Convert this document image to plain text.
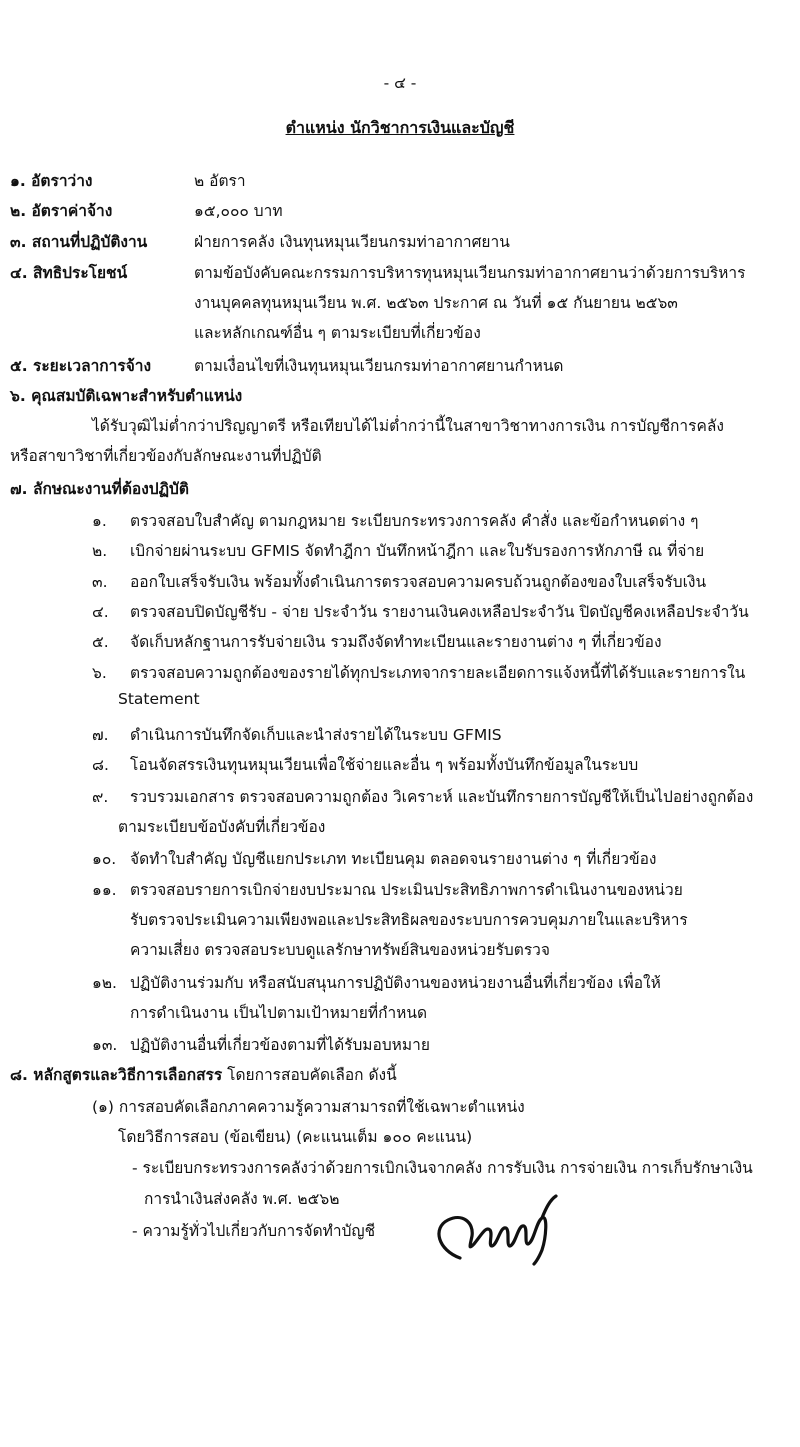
- ๔ -
ตำแหน่ง นักวิชาการเงินและบัญชี
๑. อัตราว่าง	๒ อัตรา
๒. อัตราค่าจ้าง	๑๕,๐๐๐ บาท
๓. สถานที่ปฏิบัติงาน	ฝ่ายการคลัง เงินทุนหมุนเวียนกรมท่าอากาศยาน
๔. สิทธิประโยชน์	ตามข้อบังคับคณะกรรมการบริหารทุนหมุนเวียนกรมท่าอากาศยานว่าด้วยการบริหาร
งานบุคคลทุนหมุนเวียน พ.ศ. ๒๕๖๓ ประกาศ ณ วันที่ ๑๕ กันยายน ๒๕๖๓
และหลักเกณฑ์อื่น ๆ ตามระเบียบที่เกี่ยวข้อง
๕. ระยะเวลาการจ้าง	ตามเงื่อนไขที่เงินทุนหมุนเวียนกรมท่าอากาศยานกำหนด
๖. คุณสมบัติเฉพาะสำหรับตำแหน่ง
ได้รับวุฒิไม่ต่ำกว่าปริญญาตรี หรือเทียบได้ไม่ต่ำกว่านี้ในสาขาวิชาทางการเงิน การบัญชีการคลัง
หรือสาขาวิชาที่เกี่ยวข้องกับลักษณะงานที่ปฏิบัติ
๗. ลักษณะงานที่ต้องปฏิบัติ
๑. ตรวจสอบใบสำคัญ ตามกฎหมาย ระเบียบกระทรวงการคลัง คำสั่ง และข้อกำหนดต่าง ๆ
๒. เบิกจ่ายผ่านระบบ GFMIS จัดทำฎีกา บันทึกหน้าฎีกา และใบรับรองการหักภาษี ณ ที่จ่าย
๓. ออกใบเสร็จรับเงิน พร้อมทั้งดำเนินการตรวจสอบความครบถ้วนถูกต้องของใบเสร็จรับเงิน
๔. ตรวจสอบปิดบัญชีรับ - จ่าย ประจำวัน รายงานเงินคงเหลือประจำวัน ปิดบัญชีคงเหลือประจำวัน
๕. จัดเก็บหลักฐานการรับจ่ายเงิน รวมถึงจัดทำทะเบียนและรายงานต่าง ๆ ที่เกี่ยวข้อง
๖. ตรวจสอบความถูกต้องของรายได้ทุกประเภทจากรายละเอียดการแจ้งหนี้ที่ได้รับและรายการใน
Statement
๗. ดำเนินการบันทึกจัดเก็บและนำส่งรายได้ในระบบ GFMIS
๘. โอนจัดสรรเงินทุนหมุนเวียนเพื่อใช้จ่ายและอื่น ๆ พร้อมทั้งบันทึกข้อมูลในระบบ
๙. รวบรวมเอกสาร ตรวจสอบความถูกต้อง วิเคราะห์ และบันทึกรายการบัญชีให้เป็นไปอย่างถูกต้อง
ตามระเบียบข้อบังคับที่เกี่ยวข้อง
๑๐. จัดทำใบสำคัญ บัญชีแยกประเภท ทะเบียนคุม ตลอดจนรายงานต่าง ๆ ที่เกี่ยวข้อง
๑๑. ตรวจสอบรายการเบิกจ่ายงบประมาณ ประเมินประสิทธิภาพการดำเนินงานของหน่วย
รับตรวจประเมินความเพียงพอและประสิทธิผลของระบบการควบคุมภายในและบริหาร
ความเสี่ยง ตรวจสอบระบบดูแลรักษาทรัพย์สินของหน่วยรับตรวจ
๑๒. ปฏิบัติงานร่วมกับ หรือสนับสนุนการปฏิบัติงานของหน่วยงานอื่นที่เกี่ยวข้อง เพื่อให้
การดำเนินงาน เป็นไปตามเป้าหมายที่กำหนด
๑๓. ปฏิบัติงานอื่นที่เกี่ยวข้องตามที่ได้รับมอบหมาย
๘. หลักสูตรและวิธีการเลือกสรร โดยการสอบคัดเลือก ดังนี้
(๑) การสอบคัดเลือกภาคความรู้ความสามารถที่ใช้เฉพาะตำแหน่ง
โดยวิธีการสอบ (ข้อเขียน) (คะแนนเต็ม ๑๐๐ คะแนน)
- ระเบียบกระทรวงการคลังว่าด้วยการเบิกเงินจากคลัง การรับเงิน การจ่ายเงิน การเก็บรักษาเงิน
การนำเงินส่งคลัง พ.ศ. ๒๕๖๒
- ความรู้ทั่วไปเกี่ยวกับการจัดทำบัญชี
